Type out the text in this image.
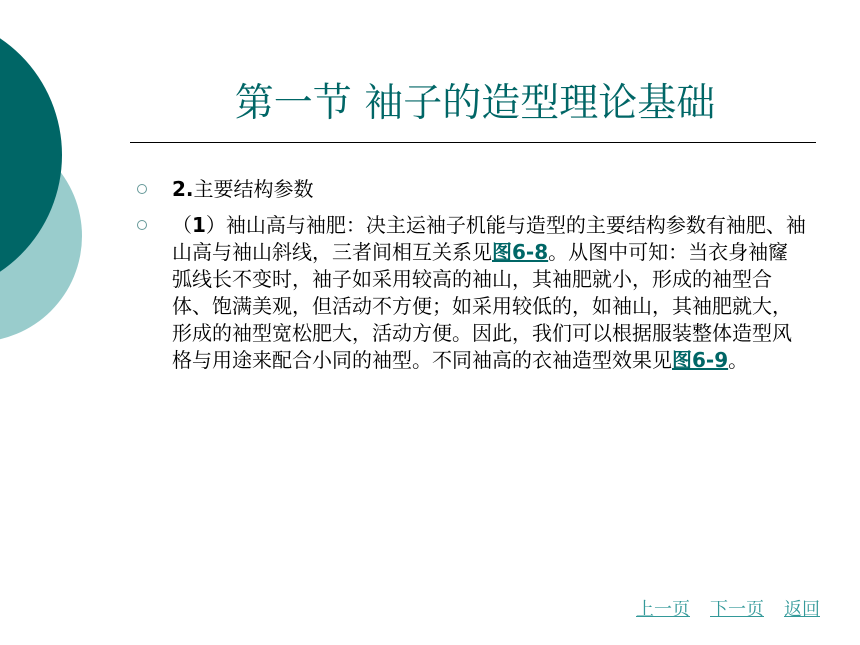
第一节 袖子的造型理论基础
2.主要结构参数
（1）袖山高与袖肥：决主运袖子机能与造型的主要结构参数有袖肥、袖山高与袖山斜线，三者间相互关系见图6-8。从图中可知：当衣身袖窿弧线长不变时，袖子如采用较高的袖山，其袖肥就小，形成的袖型合体、饱满美观，但活动不方便；如采用较低的，如袖山，其袖肥就大，形成的袖型宽松肥大，活动方便。因此，我们可以根据服装整体造型风格与用途来配合小同的袖型。不同袖高的衣袖造型效果见图6-9。
上一页 下一页 返回
